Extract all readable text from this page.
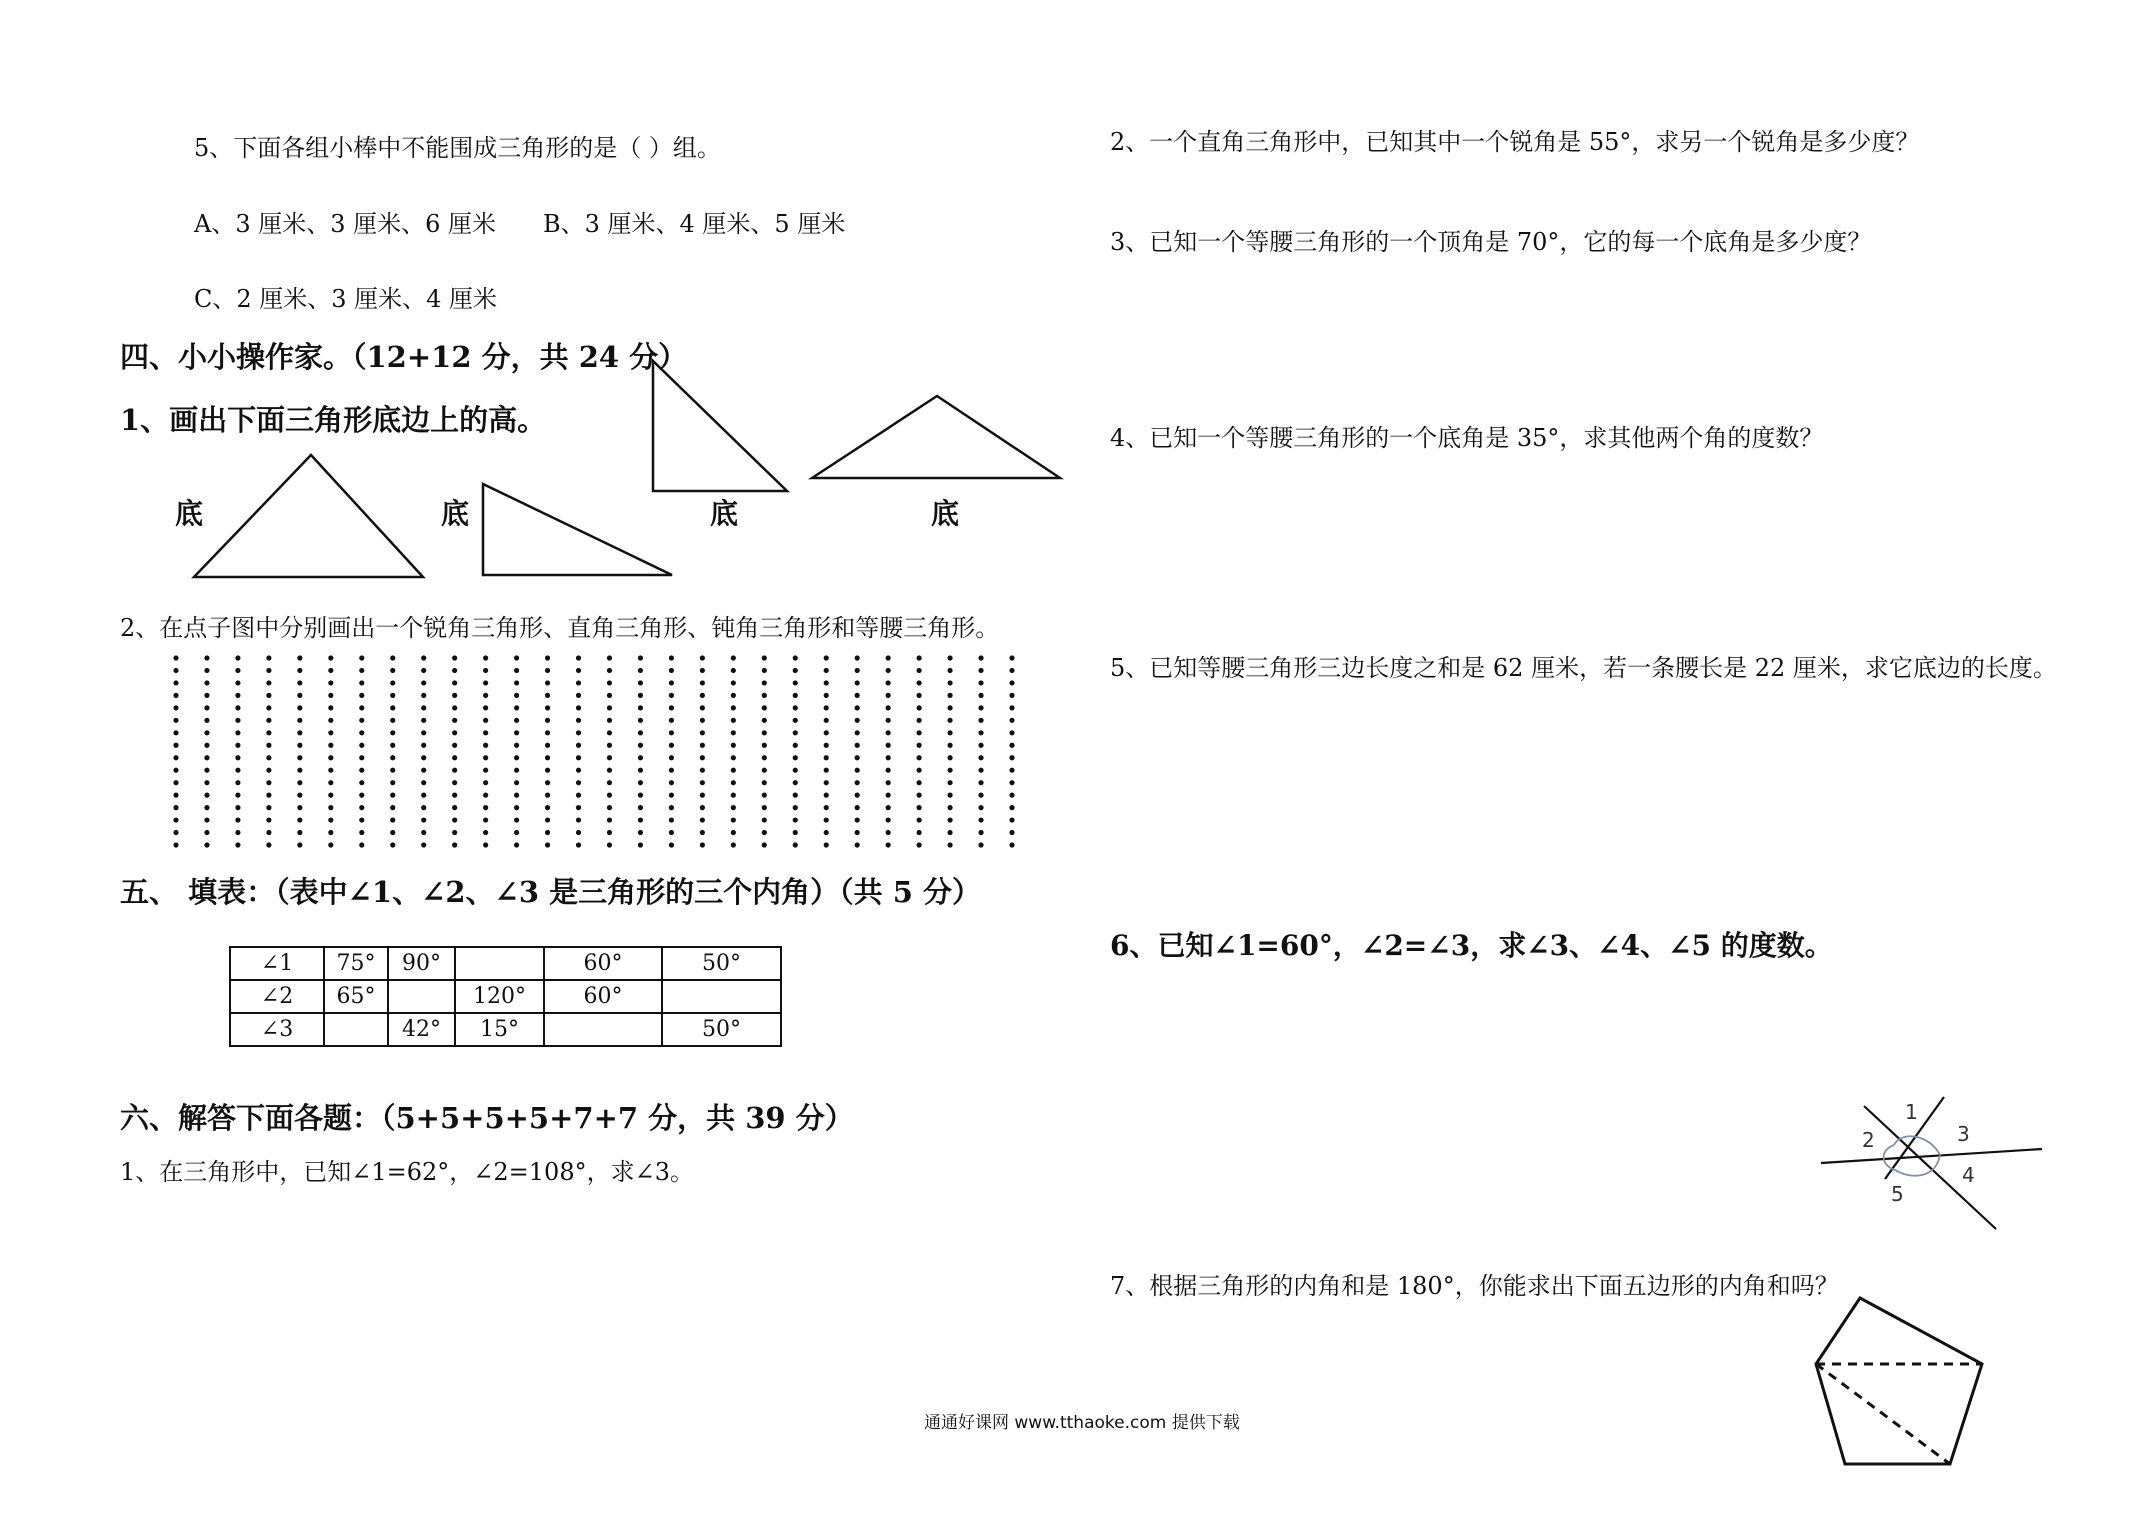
5、下面各组小棒中不能围成三角形的是（ ）组。
A、3 厘米、3 厘米、6 厘米 B、3 厘米、4 厘米、5 厘米
C、2 厘米、3 厘米、4 厘米
四、小小操作家。（12+12 分，共 24 分）
1、画出下面三角形底边上的高。
底	底	底	底
2、在点子图中分别画出一个锐角三角形、直角三角形、钝角三角形和等腰三角形。
五、 填表：（表中∠1、∠2、∠3 是三角形的三个内角）（共 5 分）
∠1	75°	90°		60°	50°
∠2	65°		120°	60°	
∠3		42°	15°		50°
六、解答下面各题：（5+5+5+5+7+7 分，共 39 分）
1、在三角形中，已知∠1=62°，∠2=108°，求∠3。
2、一个直角三角形中，已知其中一个锐角是 55°，求另一个锐角是多少度？
3、已知一个等腰三角形的一个顶角是 70°，它的每一个底角是多少度？
4、已知一个等腰三角形的一个底角是 35°，求其他两个角的度数？
5、已知等腰三角形三边长度之和是 62 厘米，若一条腰长是 22 厘米，求它底边的长度。
6、已知∠1=60°，∠2=∠3，求∠3、∠4、∠5 的度数。
7、根据三角形的内角和是 180°，你能求出下面五边形的内角和吗？
通通好课网 www.tthaoke.com 提供下载
1
2	3
4
5
